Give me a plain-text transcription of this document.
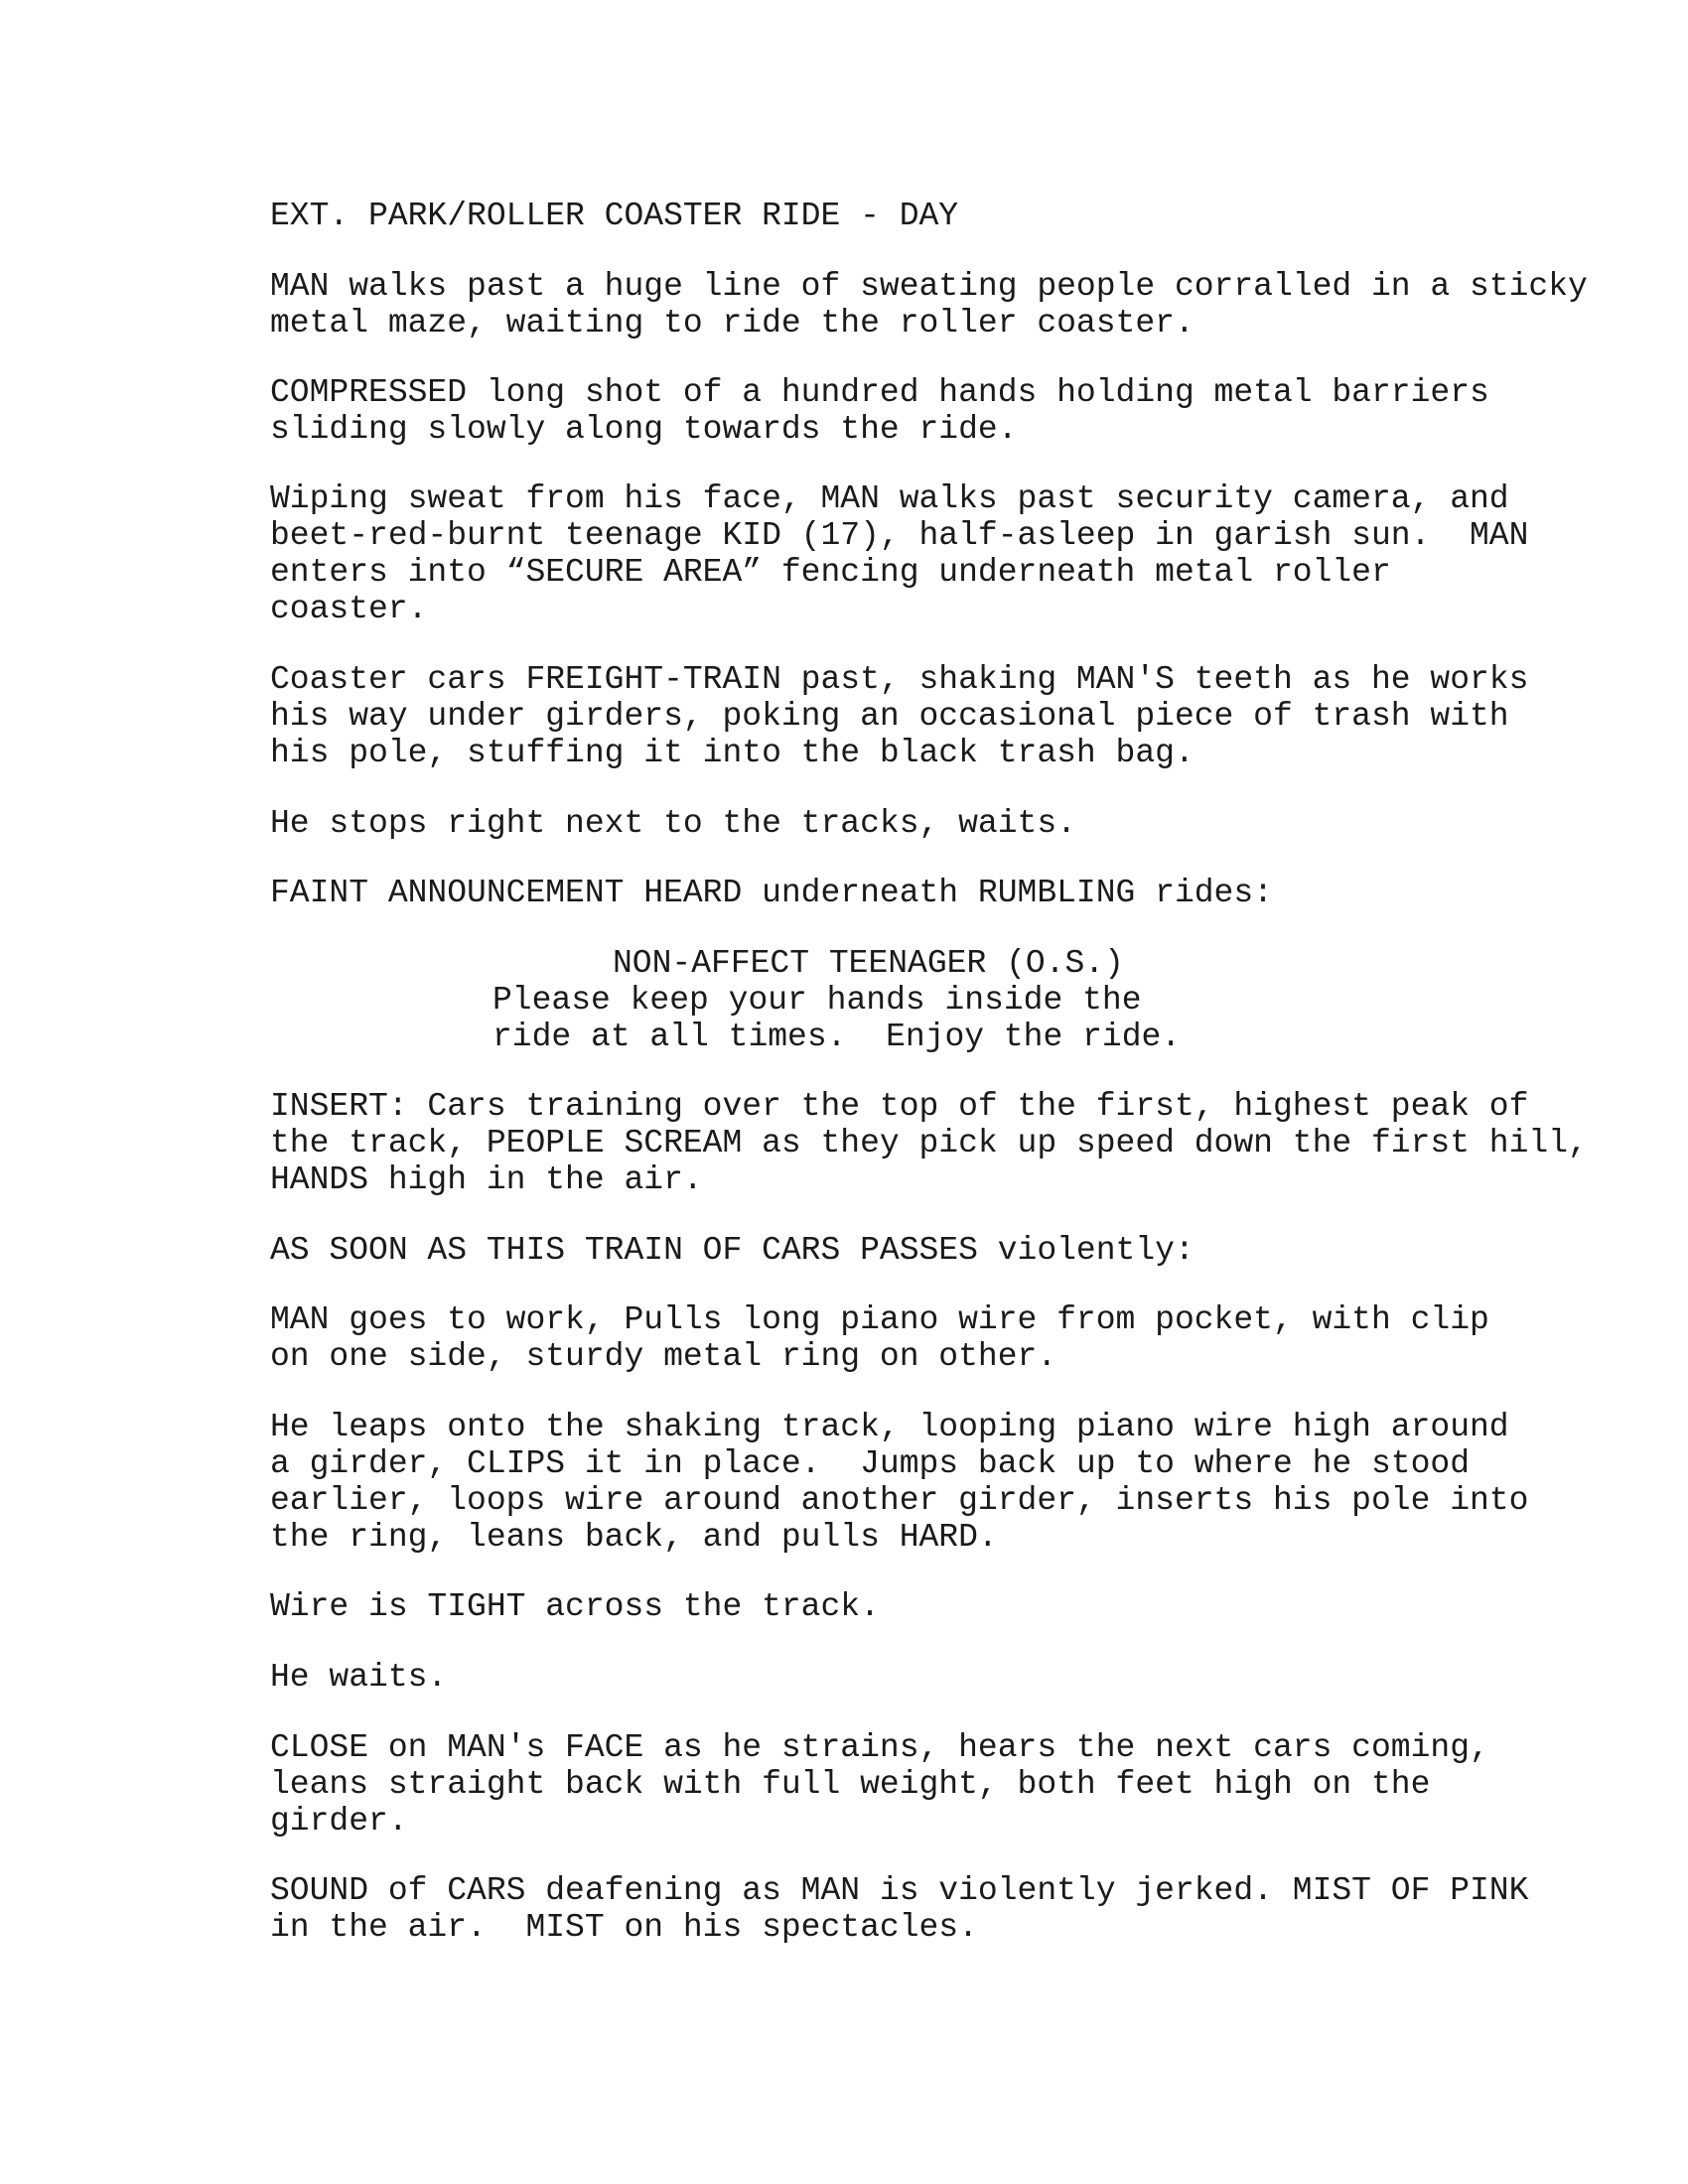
EXT. PARK/ROLLER COASTER RIDE - DAY
MAN walks past a huge line of sweating people corralled in a sticky
metal maze, waiting to ride the roller coaster.
COMPRESSED long shot of a hundred hands holding metal barriers
sliding slowly along towards the ride.
Wiping sweat from his face, MAN walks past security camera, and
beet-red-burnt teenage KID (17), half-asleep in garish sun.  MAN
enters into “SECURE AREA” fencing underneath metal roller
coaster.
Coaster cars FREIGHT-TRAIN past, shaking MAN'S teeth as he works
his way under girders, poking an occasional piece of trash with
his pole, stuffing it into the black trash bag.
He stops right next to the tracks, waits.
FAINT ANNOUNCEMENT HEARD underneath RUMBLING rides:
NON-AFFECT TEENAGER (O.S.)
Please keep your hands inside the
ride at all times.  Enjoy the ride.
INSERT: Cars training over the top of the first, highest peak of
the track, PEOPLE SCREAM as they pick up speed down the first hill,
HANDS high in the air.
AS SOON AS THIS TRAIN OF CARS PASSES violently:
MAN goes to work, Pulls long piano wire from pocket, with clip
on one side, sturdy metal ring on other.
He leaps onto the shaking track, looping piano wire high around
a girder, CLIPS it in place.  Jumps back up to where he stood
earlier, loops wire around another girder, inserts his pole into
the ring, leans back, and pulls HARD.
Wire is TIGHT across the track.
He waits.
CLOSE on MAN's FACE as he strains, hears the next cars coming,
leans straight back with full weight, both feet high on the
girder.
SOUND of CARS deafening as MAN is violently jerked. MIST OF PINK
in the air.  MIST on his spectacles.
